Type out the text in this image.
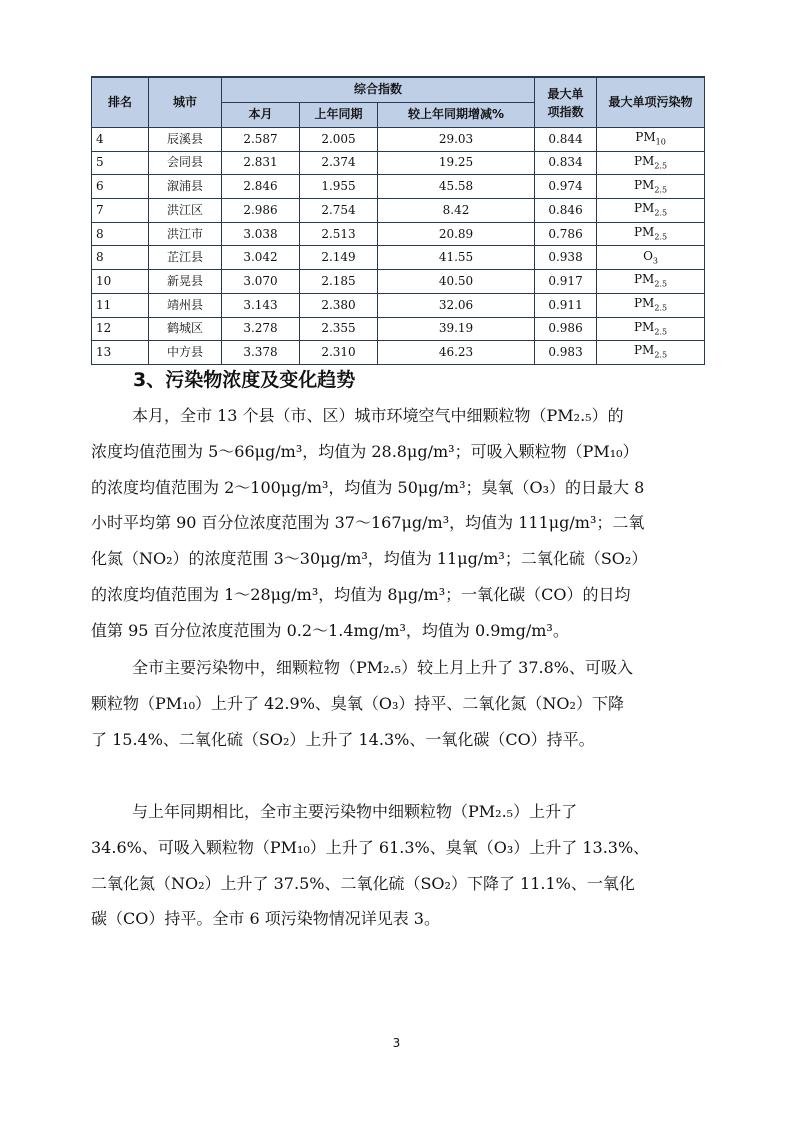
排名	城市	综合指数			最大单项指数	最大单项污染物
		本月	上年同期	较上年同期增减%		
4	辰溪县	2.587	2.005	29.03	0.844	$PM_{10}$
5	会同县	2.831	2.374	19.25	0.834	$PM_{2.5}$
6	溆浦县	2.846	1.955	45.58	0.974	$PM_{2.5}$
7	洪江区	2.986	2.754	8.42	0.846	$PM_{2.5}$
8	洪江市	3.038	2.513	20.89	0.786	$PM_{2.5}$
8	芷江县	3.042	2.149	41.55	0.938	$O_3$
10	新晃县	3.070	2.185	40.50	0.917	$PM_{2.5}$
11	靖州县	3.143	2.380	32.06	0.911	$PM_{2.5}$
12	鹤城区	3.278	2.355	39.19	0.986	$PM_{2.5}$
13	中方县	3.378	2.310	46.23	0.983	$PM_{2.5}$
3、污染物浓度及变化趋势
本月，全市 13 个县（市、区）城市环境空气中细颗粒物（PM₂.₅）的
浓度均值范围为 5～66μg/m³，均值为 28.8μg/m³；可吸入颗粒物（PM₁₀）
的浓度均值范围为 2～100μg/m³，均值为 50μg/m³；臭氧（O₃）的日最大 8
小时平均第 90 百分位浓度范围为 37～167μg/m³，均值为 111μg/m³；二氧
化氮（NO₂）的浓度范围 3～30μg/m³，均值为 11μg/m³；二氧化硫（SO₂）
的浓度均值范围为 1～28μg/m³，均值为 8μg/m³；一氧化碳（CO）的日均
值第 95 百分位浓度范围为 0.2～1.4mg/m³，均值为 0.9mg/m³。
全市主要污染物中，细颗粒物（PM₂.₅）较上月上升了 37.8%、可吸入
颗粒物（PM₁₀）上升了 42.9%、臭氧（O₃）持平、二氧化氮（NO₂）下降
了 15.4%、二氧化硫（SO₂）上升了 14.3%、一氧化碳（CO）持平。
与上年同期相比，全市主要污染物中细颗粒物（PM₂.₅）上升了
34.6%、可吸入颗粒物（PM₁₀）上升了 61.3%、臭氧（O₃）上升了 13.3%、
二氧化氮（NO₂）上升了 37.5%、二氧化硫（SO₂）下降了 11.1%、一氧化
碳（CO）持平。全市 6 项污染物情况详见表 3。
3
